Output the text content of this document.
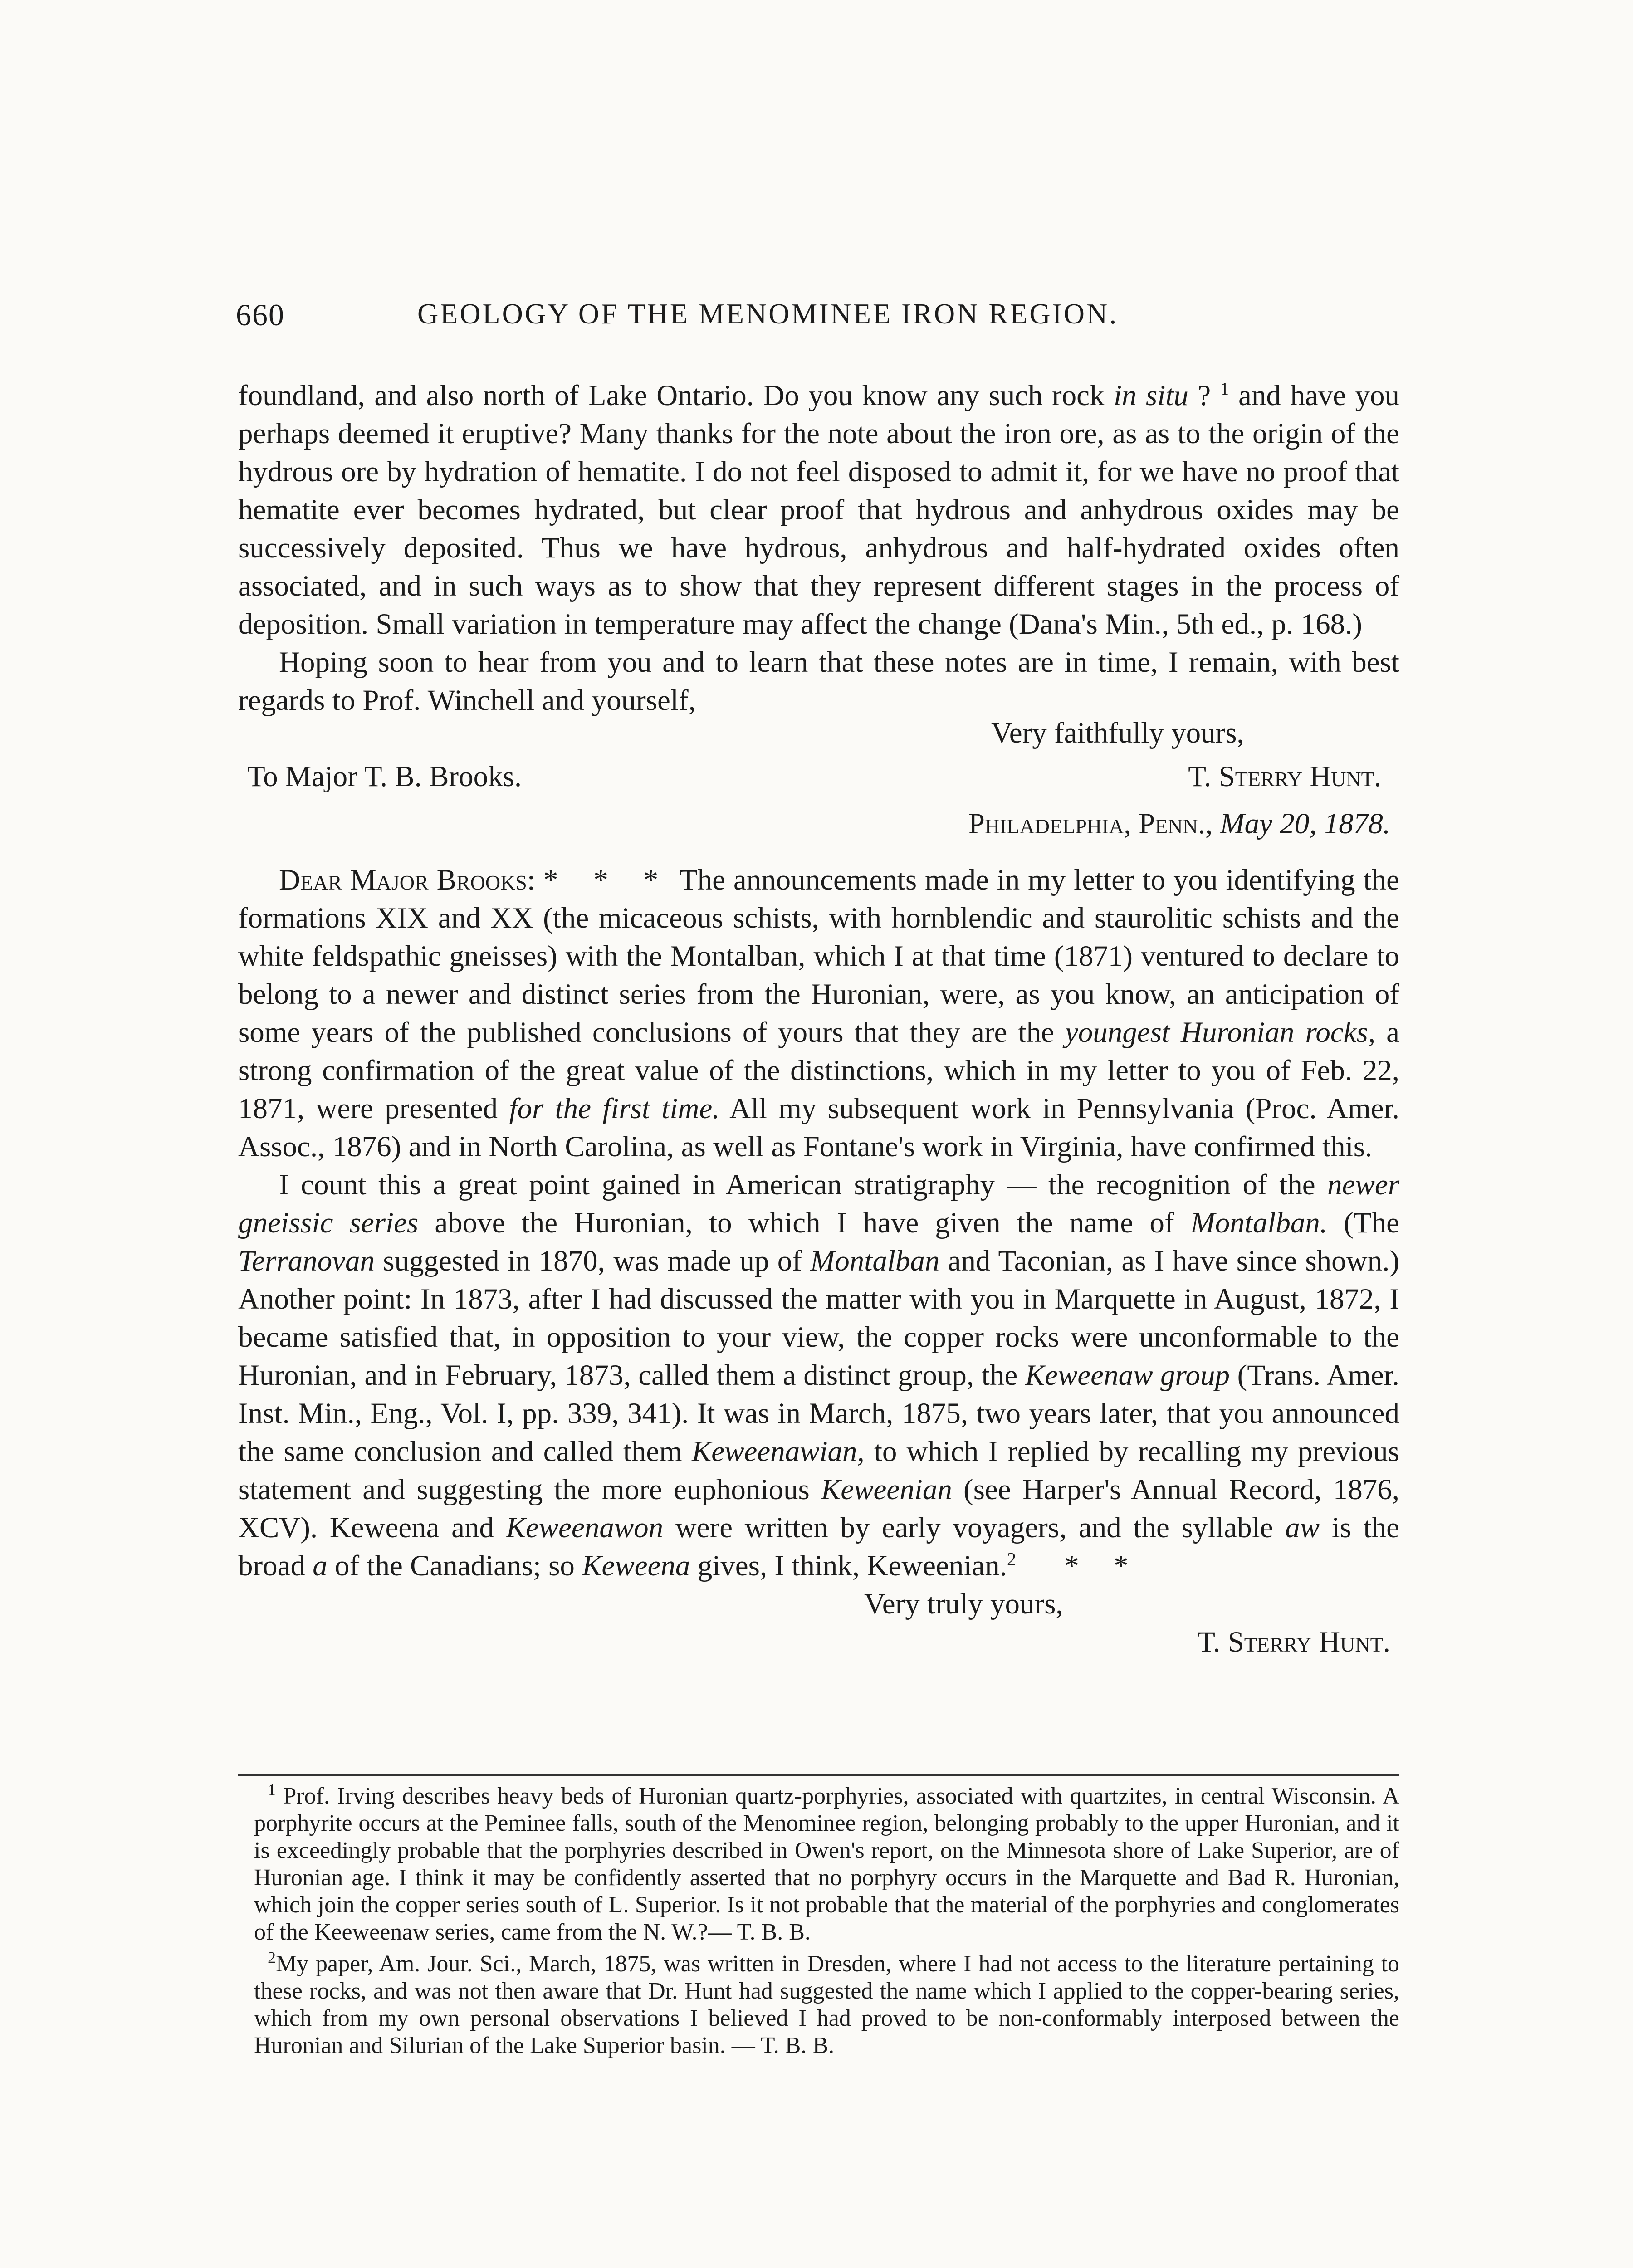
660	GEOLOGY OF THE MENOMINEE IRON REGION.

foundland, and also north of Lake Ontario. Do you know any such rock in situ ? $^1$ and have you perhaps deemed it eruptive? Many thanks for the note about the iron ore, as as to the origin of the hydrous ore by hydration of hematite. I do not feel disposed to admit it, for we have no proof that hematite ever becomes hydrated, but clear proof that hydrous and anhydrous oxides may be successively deposited. Thus we have hydrous, anhydrous and half-hydrated oxides often associated, and in such ways as to show that they represent different stages in the process of deposition. Small variation in temperature may affect the change (Dana's Min., 5th ed., p. 168.)

Hoping soon to hear from you and to learn that these notes are in time, I remain, with best regards to Prof. Winchell and yourself,

Very faithfully yours,
To Major T. B. Brooks.	T. Sterry Hunt.

Philadelphia, Penn., May 20, 1878.

Dear Major Brooks: * * * The announcements made in my letter to you identifying the formations XIX and XX (the micaceous schists, with hornblendic and staurolitic schists and the white feldspathic gneisses) with the Montalban, which I at that time (1871) ventured to declare to belong to a newer and distinct series from the Huronian, were, as you know, an anticipation of some years of the published conclusions of yours that they are the youngest Huronian rocks, a strong confirmation of the great value of the distinctions, which in my letter to you of Feb. 22, 1871, were presented for the first time. All my subsequent work in Pennsylvania (Proc. Amer. Assoc., 1876) and in North Carolina, as well as Fontane's work in Virginia, have confirmed this.

I count this a great point gained in American stratigraphy — the recognition of the newer gneissic series above the Huronian, to which I have given the name of Montalban. (The Terranovan suggested in 1870, was made up of Montalban and Taconian, as I have since shown.) Another point: In 1873, after I had discussed the matter with you in Marquette in August, 1872, I became satisfied that, in opposition to your view, the copper rocks were unconformable to the Huronian, and in February, 1873, called them a distinct group, the Keweenaw group (Trans. Amer. Inst. Min., Eng., Vol. I, pp. 339, 341). It was in March, 1875, two years later, that you announced the same conclusion and called them Keweenawian, to which I replied by recalling my previous statement and suggesting the more euphonious Keweenian (see Harper's Annual Record, 1876, XCV). Keweena and Keweenawon were written by early voyagers, and the syllable aw is the broad a of the Canadians; so Keweena gives, I think, Keweenian.$^2$ * *

Very truly yours,
T. Sterry Hunt.

$^1$ Prof. Irving describes heavy beds of Huronian quartz-porphyries, associated with quartzites, in central Wisconsin. A porphyrite occurs at the Peminee falls, south of the Menominee region, belonging probably to the upper Huronian, and it is exceedingly probable that the porphyries described in Owen's report, on the Minnesota shore of Lake Superior, are of Huronian age. I think it may be confidently asserted that no porphyry occurs in the Marquette and Bad R. Huronian, which join the copper series south of L. Superior. Is it not probable that the material of the porphyries and conglomerates of the Keeweenaw series, came from the N. W.?— T. B. B.

$^2$My paper, Am. Jour. Sci., March, 1875, was written in Dresden, where I had not access to the literature pertaining to these rocks, and was not then aware that Dr. Hunt had suggested the name which I applied to the copper-bearing series, which from my own personal observations I believed I had proved to be non-conformably interposed between the Huronian and Silurian of the Lake Superior basin. — T. B. B.
